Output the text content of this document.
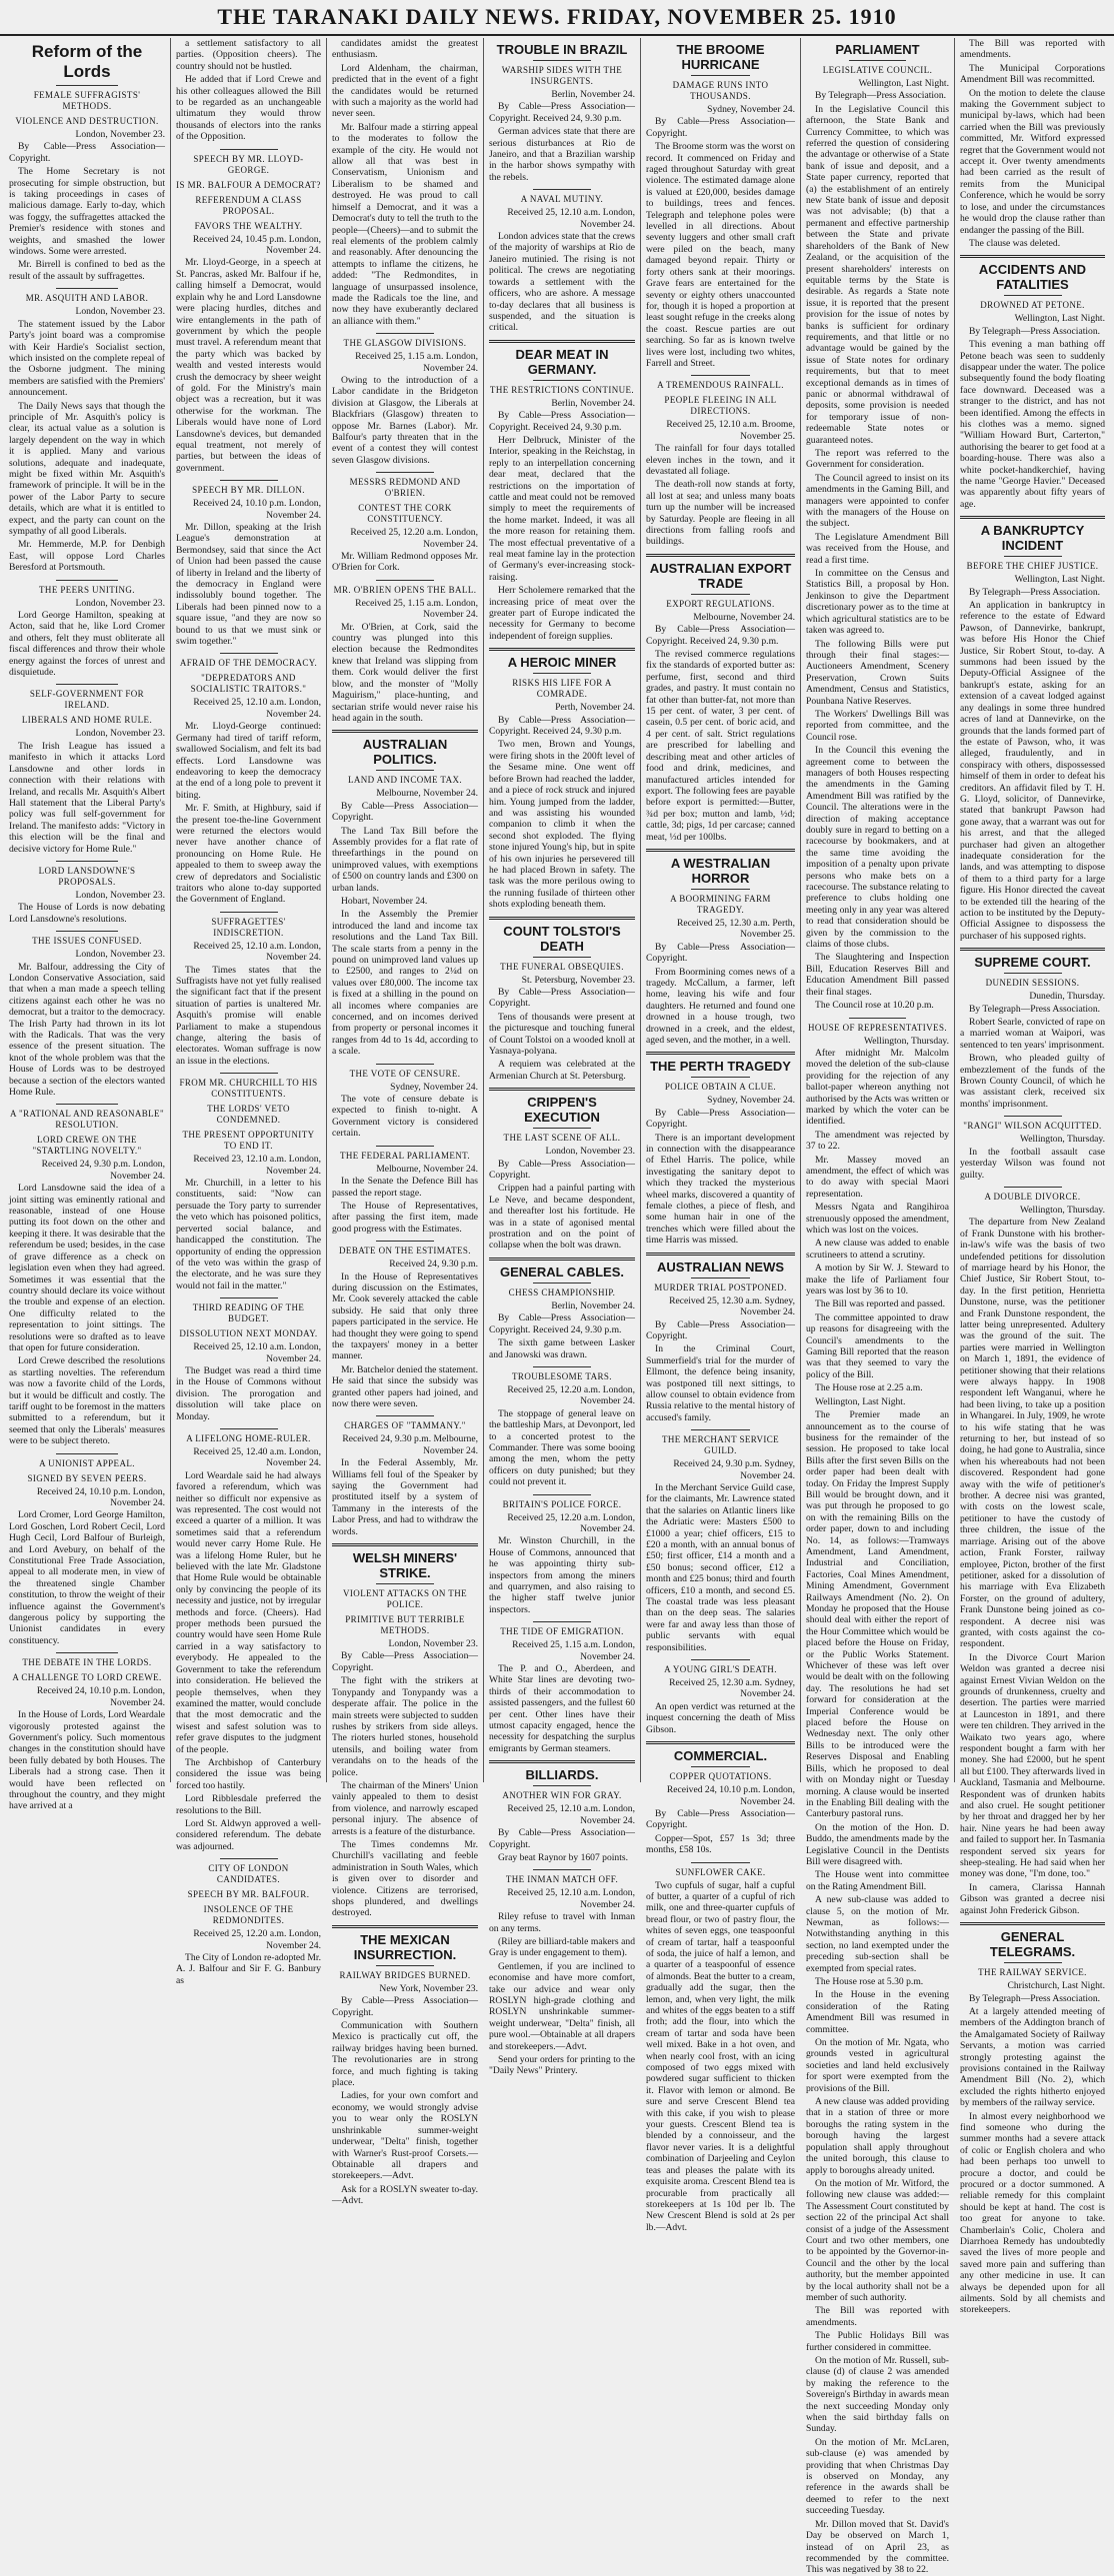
THE TARANAKI DAILY NEWS. FRIDAY, NOVEMBER 25. 1910
Reform of the Lords
FEMALE SUFFRAGISTS' METHODS.
VIOLENCE AND DESTRUCTION.
London, November 23.

By Cable—Press Association—Copyright.

The Home Secretary is not prosecuting for simple obstruction, but is taking proceedings in cases of malicious damage. Early to-day, which was foggy, the suffragettes attacked the Premier's residence with stones and weights, and smashed the lower windows. Some were arrested.

Mr. Birrell is confined to bed as the result of the assault by suffragettes.

MR. ASQUITH AND LABOR.
London, November 23.

The statement issued by the Labor Party's joint board was a compromise with Keir Hardie's Socialist section, which insisted on the complete repeal of the Osborne judgment. The mining members are satisfied with the Premiers' announcement.

The Daily News says that though the principle of Mr. Asquith's policy is clear, its actual value as a solution is largely dependent on the way in which it is applied. Many and various solutions, adequate and inadequate, might be fixed within Mr. Asquith's framework of principle. It will be in the power of the Labor Party to secure details, which are what it is entitled to expect, and the party can count on the sympathy of all good Liberals.

Mr. Hemmerde, M.P. for Denbigh East, will oppose Lord Charles Beresford at Portsmouth.

THE PEERS UNITING.
London, November 23.

Lord George Hamilton, speaking at Acton, said that he, like Lord Cromer and others, felt they must obliterate all fiscal differences and throw their whole energy against the forces of unrest and disquietude.

SELF-GOVERNMENT FOR IRELAND.
LIBERALS AND HOME RULE.
London, November 23.

The Irish League has issued a manifesto in which it attacks Lord Lansdowne and other lords in connection with their relations with Ireland, and recalls Mr. Asquith's Albert Hall statement that the Liberal Party's policy was full self-government for Ireland. The manifesto adds: "Victory in this election will be the final and decisive victory for Home Rule."

LORD LANSDOWNE'S PROPOSALS.
London, November 23.

The House of Lords is now debating Lord Lansdowne's resolutions.

THE ISSUES CONFUSED.
London, November 23.

Mr. Balfour, addressing the City of London Conservative Association, said that when a man made a speech telling citizens against each other he was no democrat, but a traitor to the democracy. The Irish Party had thrown in its lot with the Radicals. That was the very essence of the present situation. The knot of the whole problem was that the House of Lords was to be destroyed because a section of the electors wanted Home Rule.

A "RATIONAL AND REASONABLE" RESOLUTION.
LORD CREWE ON THE "STARTLING NOVELTY."
Received 24, 9.30 p.m. London, November 24.

Lord Lansdowne said the idea of a joint sitting was eminently rational and reasonable, instead of one House putting its foot down on the other and keeping it there. It was desirable that the referendum be used; besides, in the case of grave difference as a check on legislation even when they had agreed. Sometimes it was essential that the country should declare its voice without the trouble and expense of an election. One difficulty related to the representation to joint sittings. The resolutions were so drafted as to leave that open for future consideration.

Lord Crewe described the resolutions as startling novelties. The referendum was now a favorite child of the Lords, but it would be difficult and costly. The tariff ought to be foremost in the matters submitted to a referendum, but it seemed that only the Liberals' measures were to be subject thereto.

A UNIONIST APPEAL.
SIGNED BY SEVEN PEERS.
Received 24, 10.10 p.m. London, November 24.

Lord Cromer, Lord George Hamilton, Lord Goschen, Lord Robert Cecil, Lord Hugh Cecil, Lord Balfour of Burleigh, and Lord Avebury, on behalf of the Constitutional Free Trade Association, appeal to all moderate men, in view of the threatened single Chamber constitution, to throw the weight of their influence against the Government's dangerous policy by supporting the Unionist candidates in every constituency.

THE DEBATE IN THE LORDS.
A CHALLENGE TO LORD CREWE.
Received 24, 10.10 p.m. London, November 24.

In the House of Lords, Lord Weardale vigorously protested against the Government's policy. Such momentous changes in the constitution should have been fully debated by both Houses. The Liberals had a strong case. Then it would have been reflected on throughout the country, and they might have arrived at a

a settlement satisfactory to all parties. (Opposition cheers). The country should not be hustled.

He added that if Lord Crewe and his other colleagues allowed the Bill to be regarded as an unchangeable ultimatum they would throw thousands of electors into the ranks of the Opposition.

SPEECH BY MR. LLOYD-GEORGE.
IS MR. BALFOUR A DEMOCRAT?
REFERENDUM A CLASS PROPOSAL.
FAVORS THE WEALTHY.
Received 24, 10.45 p.m. London, November 24.

Mr. Lloyd-George, in a speech at St. Pancras, asked Mr. Balfour if he, calling himself a Democrat, would explain why he and Lord Lansdowne were placing hurdles, ditches and wire entanglements in the path of government by which the people must travel. A referendum meant that the party which was backed by wealth and vested interests would crush the democracy by sheer weight of gold. For the Ministry's main object was a recreation, but it was otherwise for the workman. The Liberals would have none of Lord Lansdowne's devices, but demanded equal treatment, not merely of parties, but between the ideas of government.

SPEECH BY MR. DILLON.
Received 24, 10.10 p.m. London, November 24.

Mr. Dillon, speaking at the Irish League's demonstration at Bermondsey, said that since the Act of Union had been passed the cause of liberty in Ireland and the liberty of the democracy in England were indissolubly bound together. The Liberals had been pinned now to a square issue, "and they are now so bound to us that we must sink or swim together."

AFRAID OF THE DEMOCRACY.
"DEPREDATORS AND SOCIALISTIC TRAITORS."
Received 25, 12.10 a.m. London, November 24.

Mr. Lloyd-George continued: Germany had tired of tariff reform, swallowed Socialism, and felt its bad effects. Lord Lansdowne was endeavoring to keep the democracy at the end of a long pole to prevent it biting.

Mr. F. Smith, at Highbury, said if the present toe-the-line Government were returned the electors would never have another chance of pronouncing on Home Rule. He appealed to them to sweep away the crew of depredators and Socialistic traitors who alone to-day supported the Government of England.

SUFFRAGETTES' INDISCRETION.
Received 25, 12.10 a.m. London, November 24.

The Times states that the Suffragists have not yet fully realised the significant fact that if the present situation of parties is unaltered Mr. Asquith's promise will enable Parliament to make a stupendous change, altering the basis of electorates. Woman suffrage is now an issue in the elections.

FROM MR. CHURCHILL TO HIS CONSTITUENTS.
THE LORDS' VETO CONDEMNED.
THE PRESENT OPPORTUNITY TO END IT.
Received 23, 12.10 a.m. London, November 24.

Mr. Churchill, in a letter to his constituents, said: "Now can persuade the Tory party to surrender the veto which has poisoned politics, perverted social balance, and handicapped the constitution. The opportunity of ending the oppression of the veto was within the grasp of the electorate, and he was sure they would not fail in the matter."

THIRD READING OF THE BUDGET.
DISSOLUTION NEXT MONDAY.
Received 25, 12.10 a.m. London, November 24.

The Budget was read a third time in the House of Commons without division. The prorogation and dissolution will take place on Monday.

A LIFELONG HOME-RULER.
Received 25, 12.40 a.m. London, November 24.

Lord Weardale said he had always favored a referendum, which was neither so difficult nor expensive as was represented. The cost would not exceed a quarter of a million. It was sometimes said that a referendum would never carry Home Rule. He was a lifelong Home Ruler, but he believed with the late Mr. Gladstone that Home Rule would be obtainable only by convincing the people of its necessity and justice, not by irregular methods and force. (Cheers). Had proper methods been pursued the country would have seen Home Rule carried in a way satisfactory to everybody. He appealed to the Government to take the referendum into consideration. He believed the people themselves, when they examined the matter, would conclude that the most democratic and the wisest and safest solution was to refer grave disputes to the judgment of the people.

The Archbishop of Canterbury considered the issue was being forced too hastily.

Lord Ribblesdale preferred the resolutions to the Bill.

Lord St. Aldwyn approved a well-considered referendum. The debate was adjourned.

CITY OF LONDON CANDIDATES.
SPEECH BY MR. BALFOUR.
INSOLENCE OF THE REDMONDITES.
Received 25, 12.20 a.m. London, November 24.

The City of London re-adopted Mr. A. J. Balfour and Sir F. G. Banbury as

candidates amidst the greatest enthusiasm.

Lord Aldenham, the chairman, predicted that in the event of a fight the candidates would be returned with such a majority as the world had never seen.

Mr. Balfour made a stirring appeal to the moderates to follow the example of the city. He would not allow all that was best in Conservatism, Unionism and Liberalism to be shamed and destroyed. He was proud to call himself a Democrat, and it was a Democrat's duty to tell the truth to the people—(Cheers)—and to submit the real elements of the problem calmly and reasonably. After denouncing the attempts to inflame the citizens, he added: "The Redmondites, in language of unsurpassed insolence, made the Radicals toe the line, and now they have exuberantly declared an alliance with them."

THE GLASGOW DIVISIONS.
Received 25, 1.15 a.m. London, November 24.

Owing to the introduction of a Labor candidate in the Bridgeton division at Glasgow, the Liberals at Blackfriars (Glasgow) threaten to oppose Mr. Barnes (Labor). Mr. Balfour's party threaten that in the event of a contest they will contest seven Glasgow divisions.

MESSRS REDMOND AND O'BRIEN.
CONTEST THE CORK CONSTITUENCY.
Received 25, 12.20 a.m. London, November 24.

Mr. William Redmond opposes Mr. O'Brien for Cork.

MR. O'BRIEN OPENS THE BALL.
Received 25, 1.15 a.m. London, November 24.

Mr. O'Brien, at Cork, said the country was plunged into this election because the Redmondites knew that Ireland was slipping from them. Cork would deliver the first blow, and the monster of "Molly Maguirism," place-hunting, and sectarian strife would never raise his head again in the south.

AUSTRALIAN POLITICS.
LAND AND INCOME TAX.
Melbourne, November 24.

By Cable—Press Association—Copyright.

The Land Tax Bill before the Assembly provides for a flat rate of threefarthings in the pound on unimproved values, with exemptions of £500 on country lands and £300 on urban lands.

Hobart, November 24.

In the Assembly the Premier introduced the land and income tax resolutions and the Land Tax Bill. The scale starts from a penny in the pound on unimproved land values up to £2500, and ranges to 2¼d on values over £80,000. The income tax is fixed at a shilling in the pound on all incomes where companies are concerned, and on incomes derived from property or personal incomes it ranges from 4d to 1s 4d, according to a scale.

THE VOTE OF CENSURE.
Sydney, November 24.

The vote of censure debate is expected to finish to-night. A Government victory is considered certain.

THE FEDERAL PARLIAMENT.
Melbourne, November 24.

In the Senate the Defence Bill has passed the report stage.

The House of Representatives, after passing the first item, made good progress with the Estimates.

DEBATE ON THE ESTIMATES.
Received 24, 9.30 p.m.

In the House of Representatives during discussion on the Estimates, Mr. Cook severely attacked the cable subsidy. He said that only three papers participated in the service. He had thought they were going to spend the taxpayers' money in a better manner.

Mr. Batchelor denied the statement. He said that since the subsidy was granted other papers had joined, and now there were seven.

CHARGES OF "TAMMANY."
Received 24, 9.30 p.m. Melbourne, November 24.

In the Federal Assembly, Mr. Williams fell foul of the Speaker by saying the Government had prostituted itself by a system of Tammany in the interests of the Labor Press, and had to withdraw the words.

WELSH MINERS' STRIKE.
VIOLENT ATTACKS ON THE POLICE.
PRIMITIVE BUT TERRIBLE METHODS.
London, November 23.

By Cable—Press Association—Copyright.

The fight with the strikers at Tonypandy and Tonypandy was a desperate affair. The police in the main streets were subjected to sudden rushes by strikers from side alleys. The rioters hurled stones, household utensils, and boiling water from verandahs on to the heads of the police.

The chairman of the Miners' Union vainly appealed to them to desist from violence, and narrowly escaped personal injury. The absence of arrests is a feature of the disturbance.

The Times condemns Mr. Churchill's vacillating and feeble administration in South Wales, which is given over to disorder and violence. Citizens are terrorised, shops plundered, and dwellings destroyed.

THE MEXICAN INSURRECTION.
RAILWAY BRIDGES BURNED.
New York, November 23.

By Cable—Press Association—Copyright.

Communication with Southern Mexico is practically cut off, the railway bridges having been burned. The revolutionaries are in strong force, and much fighting is taking place.

Ladies, for your own comfort and economy, we would strongly advise you to wear only the ROSLYN unshrinkable summer-weight underwear, "Delta" finish, together with Warner's Rust-proof Corsets.—Obtainable all drapers and storekeepers.—Advt.

Ask for a ROSLYN sweater to-day.—Advt.

TROUBLE IN BRAZIL
WARSHIP SIDES WITH THE INSURGENTS.
Berlin, November 24.

By Cable—Press Association—Copyright. Received 24, 9.30 p.m.

German advices state that there are serious disturbances at Rio de Janeiro, and that a Brazilian warship in the harbor shows sympathy with the rebels.

A NAVAL MUTINY.
Received 25, 12.10 a.m. London, November 24.

London advices state that the crews of the majority of warships at Rio de Janeiro mutinied. The rising is not political. The crews are negotiating towards a settlement with the officers, who are ashore. A message to-day declares that all business is suspended, and the situation is critical.

DEAR MEAT IN GERMANY.
THE RESTRICTIONS CONTINUE.
Berlin, November 24.

By Cable—Press Association—Copyright. Received 24, 9.30 p.m.

Herr Delbruck, Minister of the Interior, speaking in the Reichstag, in reply to an interpellation concerning dear meat, declared that the restrictions on the importation of cattle and meat could not be removed simply to meet the requirements of the home market. Indeed, it was all the more reason for retaining them. The most effectual preventative of a real meat famine lay in the protection of Germany's ever-increasing stock-raising.

Herr Scholemere remarked that the increasing price of meat over the greater part of Europe indicated the necessity for Germany to become independent of foreign supplies.

A HEROIC MINER
RISKS HIS LIFE FOR A COMRADE.
Perth, November 24.

By Cable—Press Association—Copyright. Received 24, 9.30 p.m.

Two men, Brown and Youngs, were firing shots in the 200ft level of the Sesame mine. One went off before Brown had reached the ladder, and a piece of rock struck and injured him. Young jumped from the ladder, and was assisting his wounded companion to climb it when the second shot exploded. The flying stone injured Young's hip, but in spite of his own injuries he persevered till he had placed Brown in safety. The task was the more perilous owing to the running fusilade of thirteen other shots exploding beneath them.

COUNT TOLSTOI'S DEATH
THE FUNERAL OBSEQUIES.
St. Petersburg, November 23.

By Cable—Press Association—Copyright.

Tens of thousands were present at the picturesque and touching funeral of Count Tolstoi on a wooded knoll at Yasnaya-polyana.

A requiem was celebrated at the Armenian Church at St. Petersburg.

CRIPPEN'S EXECUTION
THE LAST SCENE OF ALL.
London, November 23.

By Cable—Press Association—Copyright.

Crippen had a painful parting with Le Neve, and became despondent, and thereafter lost his fortitude. He was in a state of agonised mental prostration and on the point of collapse when the bolt was drawn.

GENERAL CABLES.
CHESS CHAMPIONSHIP.
Berlin, November 24.

By Cable—Press Association—Copyright. Received 24, 9.30 p.m.

The sixth game between Lasker and Janowski was drawn.

TROUBLESOME TARS.
Received 25, 12.20 a.m. London, November 24.

The stoppage of general leave on the battleship Mars, at Devonport, led to a concerted protest to the Commander. There was some booing among the men, whom the petty officers on duty punished; but they could not prevent it.

BRITAIN'S POLICE FORCE.
Received 25, 12.20 a.m. London, November 24.

Mr. Winston Churchill, in the House of Commons, announced that he was appointing thirty sub-inspectors from among the miners and quarrymen, and also raising to the higher staff twelve junior inspectors.

THE TIDE OF EMIGRATION.
Received 25, 1.15 a.m. London, November 24.

The P. and O., Aberdeen, and White Star lines are devoting two-thirds of their accommodation to assisted passengers, and the fullest 60 per cent. Other lines have their utmost capacity engaged, hence the necessity for despatching the surplus emigrants by German steamers.

BILLIARDS.
ANOTHER WIN FOR GRAY.
Received 25, 12.10 a.m. London, November 24.

By Cable—Press Association—Copyright.

Gray beat Raynor by 1607 points.

THE INMAN MATCH OFF.
Received 25, 12.10 a.m. London, November 24.

Riley refuse to travel with Inman on any terms.

(Riley are billiard-table makers and Gray is under engagement to them).

Gentlemen, if you are inclined to economise and have more comfort, take our advice and wear only ROSLYN high-grade clothing and ROSLYN unshrinkable summer-weight underwear, "Delta" finish, all pure wool.—Obtainable at all drapers and storekeepers.—Advt.

Send your orders for printing to the "Daily News" Printery.

THE BROOME HURRICANE
DAMAGE RUNS INTO THOUSANDS.
Sydney, November 24.

By Cable—Press Association—Copyright.

The Broome storm was the worst on record. It commenced on Friday and raged throughout Saturday with great violence. The estimated damage alone is valued at £20,000, besides damage to buildings, trees and fences. Telegraph and telephone poles were levelled in all directions. About seventy luggers and other small craft were piled on the beach, many damaged beyond repair. Thirty or forty others sank at their moorings. Grave fears are entertained for the seventy or eighty others unaccounted for, though it is hoped a proportion at least sought refuge in the creeks along the coast. Rescue parties are out searching. So far as is known twelve lives were lost, including two whites, Farrell and Street.

A TREMENDOUS RAINFALL.
PEOPLE FLEEING IN ALL DIRECTIONS.
Received 25, 12.10 a.m. Broome, November 25.

The rainfall for four days totalled eleven inches in the town, and it devastated all foliage.

The death-roll now stands at forty, all lost at sea; and unless many boats turn up the number will be increased by Saturday. People are fleeing in all directions from falling roofs and buildings.

AUSTRALIAN EXPORT TRADE
EXPORT REGULATIONS.
Melbourne, November 24.

By Cable—Press Association—Copyright. Received 24, 9.30 p.m.

The revised commerce regulations fix the standards of exported butter as: perfume, first, second and third grades, and pastry. It must contain no fat other than butter-fat, not more than 15 per cent. of water, 3 per cent. of casein, 0.5 per cent. of boric acid, and 4 per cent. of salt. Strict regulations are prescribed for labelling and describing meat and other articles of food and drink, medicines, and manufactured articles intended for export. The following fees are payable before export is permitted:—Butter, ¾d per box; mutton and lamb, ½d; cattle, 3d; pigs, 1d per carcase; canned meat, ⅓d per 100lbs.

A WESTRALIAN HORROR
A BOORMINING FARM TRAGEDY.
Received 25, 12.30 a.m. Perth, November 25.

By Cable—Press Association—Copyright.

From Boormining comes news of a tragedy. McCallum, a farmer, left home, leaving his wife and four daughters. He returned and found one drowned in a house trough, two drowned in a creek, and the eldest, aged seven, and the mother, in a well.

THE PERTH TRAGEDY
POLICE OBTAIN A CLUE.
Sydney, November 24.

By Cable—Press Association—Copyright.

There is an important development in connection with the disappearance of Ethel Harris. The police, while investigating the sanitary depot to which they tracked the mysterious wheel marks, discovered a quantity of female clothes, a piece of flesh, and some human hair in one of the trenches which were filled about the time Harris was missed.

AUSTRALIAN NEWS
MURDER TRIAL POSTPONED.
Received 25, 12.30 a.m. Sydney, November 24.

By Cable—Press Association—Copyright.

In the Criminal Court, Summerfield's trial for the murder of Ellmont, the defence being insanity, was postponed till next sittings, to allow counsel to obtain evidence from Russia relative to the mental history of accused's family.

THE MERCHANT SERVICE GUILD.
Received 24, 9.30 p.m. Sydney, November 24.

In the Merchant Service Guild case, for the claimants, Mr. Lawrence stated that the salaries on Atlantic liners like the Adriatic were: Masters £500 to £1000 a year; chief officers, £15 to £20 a month, with an annual bonus of £50; first officer, £14 a month and a £50 bonus; second officer, £12 a month and £25 bonus; third and fourth officers, £10 a month, and second £5. The coastal trade was less pleasant than on the deep seas. The salaries were far and away less than those of public servants with equal responsibilities.

A YOUNG GIRL'S DEATH.
Received 25, 12.30 a.m. Sydney, November 24.

An open verdict was returned at the inquest concerning the death of Miss Gibson.

COMMERCIAL.
COPPER QUOTATIONS.
Received 24, 10.10 p.m. London, November 24.

By Cable—Press Association—Copyright.

Copper—Spot, £57 1s 3d; three months, £58 10s.

SUNFLOWER CAKE.

Two cupfuls of sugar, half a cupful of butter, a quarter of a cupful of rich milk, one and three-quarter cupfuls of bread flour, or two of pastry flour, the whites of seven eggs, one teaspoonful of cream of tartar, half a teaspoonful of soda, the juice of half a lemon, and a quarter of a teaspoonful of essence of almonds. Beat the butter to a cream, gradually add the sugar, then the lemon, and, when very light, the milk and whites of the eggs beaten to a stiff froth; add the flour, into which the cream of tartar and soda have been well mixed. Bake in a hot oven, and when nearly cool frost, with an icing composed of two eggs mixed with powdered sugar sufficient to thicken it. Flavor with lemon or almond. Be sure and serve Crescent Blend tea with this cake, if you wish to please your guests. Crescent Blend tea is blended by a connoisseur, and the flavor never varies. It is a delightful combination of Darjeeling and Ceylon teas and pleases the palate with its exquisite aroma. Crescent Blend tea is procurable from practically all storekeepers at 1s 10d per lb. The New Crescent Blend is sold at 2s per lb.—Advt.

PARLIAMENT
LEGISLATIVE COUNCIL.
Wellington, Last Night.

By Telegraph—Press Association.

In the Legislative Council this afternoon, the State Bank and Currency Committee, to which was referred the question of considering the advantage or otherwise of a State bank of issue and deposit, and a State paper currency, reported that (a) the establishment of an entirely new State bank of issue and deposit was not advisable; (b) that a permanent and effective partnership between the State and private shareholders of the Bank of New Zealand, or the acquisition of the present shareholders' interests on equitable terms by the State is desirable. As regards a State note issue, it is reported that the present provision for the issue of notes by banks is sufficient for ordinary requirements, and that little or no advantage would be gained by the issue of State notes for ordinary requirements, but that to meet exceptional demands as in times of panic or abnormal withdrawal of deposits, some provision is needed for temporary issue of non-redeemable State notes or guaranteed notes.

The report was referred to the Government for consideration.

The Council agreed to insist on its amendments in the Gaming Bill, and managers were appointed to confer with the managers of the House on the subject.

The Legislature Amendment Bill was received from the House, and read a first time.

In committee on the Census and Statistics Bill, a proposal by Hon. Jenkinson to give the Department discretionary power as to the time at which agricultural statistics are to be taken was agreed to.

The following Bills were put through their final stages:—Auctioneers Amendment, Scenery Preservation, Crown Suits Amendment, Census and Statistics, Pounbana Native Reserves.

The Workers' Dwellings Bill was reported from committee, and the Council rose.

In the Council this evening the agreement come to between the managers of both Houses respecting the amendments in the Gaming Amendment Bill was ratified by the Council. The alterations were in the direction of making acceptance doubly sure in regard to betting on a racecourse by bookmakers, and at the same time avoiding the imposition of a penalty upon private persons who make bets on a racecourse. The substance relating to preference to clubs holding one meeting only in any year was altered to read that consideration should be given by the commission to the claims of those clubs.

The Slaughtering and Inspection Bill, Education Reserves Bill and Education Amendment Bill passed their final stages.

The Council rose at 10.20 p.m.

HOUSE OF REPRESENTATIVES.
Wellington, Thursday.

After midnight Mr. Malcolm moved the deletion of the sub-clause providing for the rejection of any ballot-paper whereon anything not authorised by the Acts was written or marked by which the voter can be identified.

The amendment was rejected by 37 to 22.

Mr. Massey moved an amendment, the effect of which was to do away with special Maori representation.

Messrs Ngata and Rangihiroa strenuously opposed the amendment, which was lost on the voices.

A new clause was added to enable scrutineers to attend a scrutiny.

A motion by Sir W. J. Steward to make the life of Parliament four years was lost by 36 to 10.

The Bill was reported and passed.

The committee appointed to draw up reasons for disagreeing with the Council's amendments to the Gaming Bill reported that the reason was that they seemed to vary the policy of the Bill.

The House rose at 2.25 a.m.

Wellington, Last Night.

The Premier made an announcement as to the course of business for the remainder of the session. He proposed to take local Bills after the first seven Bills on the order paper had been dealt with today. On Friday the Imprest Supply Bill would be brought down, and it was put through he proposed to go on with the remaining Bills on the order paper, down to and including No. 14, as follows:—Tramways Amendment, Land Amendment, Industrial and Conciliation, Factories, Coal Mines Amendment, Mining Amendment, Government Railways Amendment (No. 2). On Monday he proposed that the House should deal with either the report of the Hour Committee which would be placed before the House on Friday, or the Public Works Statement. Whichever of these was left over would be dealt with on the following day. The resolutions he had set forward for consideration at the Imperial Conference would be placed before the House on Wednesday next. The only other Bills to be introduced were the Reserves Disposal and Enabling Bills, which he proposed to deal with on Monday night or Tuesday morning. A clause would be inserted in the Enabling Bill dealing with the Canterbury pastoral runs.

On the motion of the Hon. D. Buddo, the amendments made by the Legislative Council in the Dentists Bill were disagreed with.

The House went into committee on the Rating Amendment Bill.

A new sub-clause was added to clause 5, on the motion of Mr. Newman, as follows:—Notwithstanding anything in this section, no land exempted under the preceding sub-section shall be exempted from special rates.

The House rose at 5.30 p.m.

In the House in the evening consideration of the Rating Amendment Bill was resumed in committee.

On the motion of Mr. Ngata, who grounds vested in agricultural societies and land held exclusively for sport were exempted from the provisions of the Bill.

A new clause was added providing that in a station of three or more boroughs the rating system in the borough having the largest population shall apply throughout the united borough, this clause to apply to boroughs already united.

On the motion of Mr. Witford, the following new clause was added:—The Assessment Court constituted by section 22 of the principal Act shall consist of a judge of the Assessment Court and two other members, one to be appointed by the Governor-in-Council and the other by the local authority, but the member appointed by the local authority shall not be a member of such authority.

The Bill was reported with amendments.

The Public Holidays Bill was further considered in committee.

On the motion of Mr. Russell, sub-clause (d) of clause 2 was amended by making the reference to the Sovereign's Birthday in awards mean the next succeeding Monday only when the said birthday falls on Sunday.

On the motion of Mr. McLaren, sub-clause (e) was amended by providing that when Christmas Day is observed on Monday, any reference in the awards shall be deemed to refer to the next succeeding Tuesday.

Mr. Dillon moved that St. David's Day be observed on March 1, instead of on April 23, as recommended by the committee. This was negatived by 38 to 22.

The Bill was reported with amendments.

The Municipal Corporations Amendment Bill was recommitted.

On the motion to delete the clause making the Government subject to municipal by-laws, which had been carried when the Bill was previously committed, Mr. Witford expressed regret that the Government would not accept it. Over twenty amendments had been carried as the result of remits from the Municipal Conference, which he would be sorry to lose, and under the circumstances he would drop the clause rather than endanger the passing of the Bill.

The clause was deleted.

ACCIDENTS AND FATALITIES
DROWNED AT PETONE.
Wellington, Last Night.

By Telegraph—Press Association.

This evening a man bathing off Petone beach was seen to suddenly disappear under the water. The police subsequently found the body floating face downward. Deceased was a stranger to the district, and has not been identified. Among the effects in his clothes was a memo. signed "William Howard Burt, Carterton," authorising the bearer to get food at a boarding-house. There was also a white pocket-handkerchief, having the name "George Havier." Deceased was apparently about fifty years of age.

A BANKRUPTCY INCIDENT
BEFORE THE CHIEF JUSTICE.
Wellington, Last Night.

By Telegraph—Press Association.

An application in bankruptcy in reference to the estate of Edward Pawson, of Dannevirke, bankrupt, was before His Honor the Chief Justice, Sir Robert Stout, to-day. A summons had been issued by the Deputy-Official Assignee of the bankrupt's estate, asking for an extension of a caveat lodged against any dealings in some three hundred acres of land at Dannevirke, on the grounds that the lands formed part of the estate of Pawson, who, it was alleged, fraudulently, and in conspiracy with others, dispossessed himself of them in order to defeat his creditors. An affidavit filed by T. H. G. Lloyd, solicitor, of Dannevirke, stated that bankrupt Pawson had gone away, that a warrant was out for his arrest, and that the alleged purchaser had given an altogether inadequate consideration for the lands, and was attempting to dispose of them to a third party for a large figure. His Honor directed the caveat to be extended till the hearing of the action to be instituted by the Deputy-Official Assignee to dispossess the purchaser of his supposed rights.

SUPREME COURT.
DUNEDIN SESSIONS.
Dunedin, Thursday.

By Telegraph—Press Association.

Robert Searle, convicted of rape on a married woman at Waipori, was sentenced to ten years' imprisonment.

Brown, who pleaded guilty of embezzlement of the funds of the Brown County Council, of which he was assistant clerk, received six months' imprisonment.

"RANGI" WILSON ACQUITTED.
Wellington, Thursday.

In the football assault case yesterday Wilson was found not guilty.

A DOUBLE DIVORCE.
Wellington, Thursday.

The departure from New Zealand of Frank Dunstone with his brother-in-law's wife was the basis of two undefended petitions for dissolution of marriage heard by his Honor, the Chief Justice, Sir Robert Stout, to-day. In the first petition, Henrietta Dunstone, nurse, was the petitioner and Frank Dunstone respondent, the latter being unrepresented. Adultery was the ground of the suit. The parties were married in Wellington on March 1, 1891, the evidence of petitioner showing that their relations were always happy. In 1908 respondent left Wanganui, where he had been living, to take up a position in Whangarei. In July, 1909, he wrote to his wife stating that he was returning to her, but instead of so doing, he had gone to Australia, since when his whereabouts had not been discovered. Respondent had gone away with the wife of petitioner's brother. A decree nisi was granted, with costs on the lowest scale, petitioner to have the custody of three children, the issue of the marriage. Arising out of the above action, Frank Forster, railway employee, Picton, brother of the first petitioner, asked for a dissolution of his marriage with Eva Elizabeth Forster, on the ground of adultery, Frank Dunstone being joined as co-respondent. A decree nisi was granted, with costs against the co-respondent.

In the Divorce Court Marion Weldon was granted a decree nisi against Ernest Vivian Weldon on the grounds of drunkenness, cruelty and desertion. The parties were married at Launceston in 1891, and there were ten children. They arrived in the Waikato two years ago, where respondent bought a farm with her money. She had £2000, but he spent all but £100. They afterwards lived in Auckland, Tasmania and Melbourne. Respondent was of drunken habits and also cruel. He sought petitioner by her throat and dragged her by her hair. Nine years he had been away and failed to support her. In Tasmania respondent served six years for sheep-stealing. He had said when her money was done, "I'm done, too."

In camera, Clarissa Hannah Gibson was granted a decree nisi against John Frederick Gibson.

GENERAL TELEGRAMS.
THE RAILWAY SERVICE.
Christchurch, Last Night.

By Telegraph—Press Association.

At a largely attended meeting of members of the Addington branch of the Amalgamated Society of Railway Servants, a motion was carried strongly protesting against the provisions contained in the Railway Amendment Bill (No. 2), which excluded the rights hitherto enjoyed by members of the railway service.

In almost every neighborhood we find someone who during the summer months had a severe attack of colic or English cholera and who had been perhaps too unwell to procure a doctor, and could be procured or a doctor summoned. A reliable remedy for this complaint should be kept at hand. The cost is too great for anyone to take. Chamberlain's Colic, Cholera and Diarrhoea Remedy has undoubtedly saved the lives of more people and saved more pain and suffering than any other medicine in use. It can always be depended upon for all ailments. Sold by all chemists and storekeepers.
